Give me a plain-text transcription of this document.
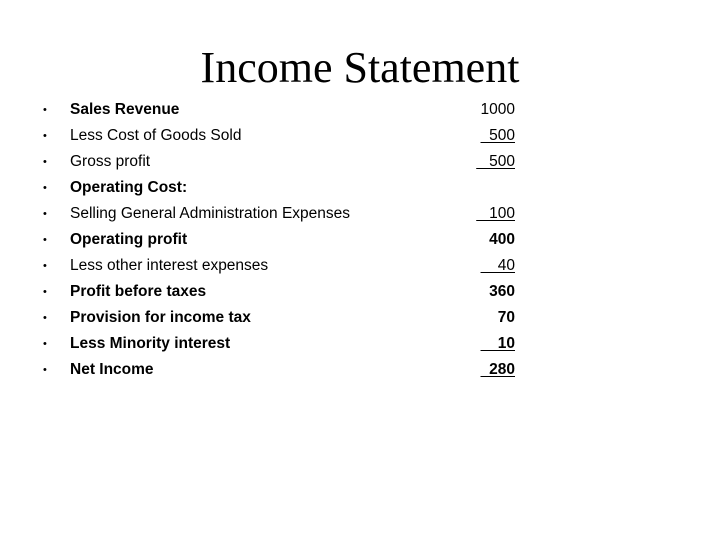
Income Statement
• Sales Revenue	1000
• Less Cost of Goods Sold	500
• Gross profit	500
• Operating Cost:
• Selling General Administration Expenses	100
• Operating profit	400
• Less other interest expenses	40
• Profit before taxes	360
• Provision for income tax	70
• Less Minority interest	10
• Net Income	280
